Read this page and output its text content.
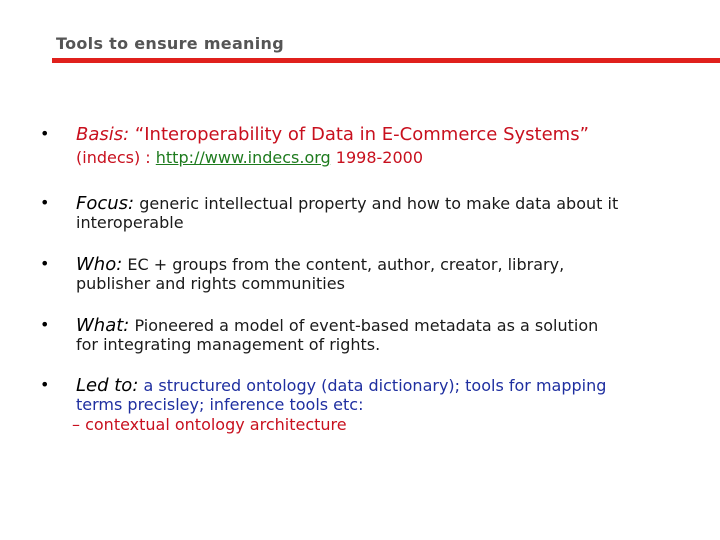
Tools to ensure meaning
• Basis: “Interoperability of Data in E-Commerce Systems”
(indecs) : http://www.indecs.org 1998-2000
• Focus: generic intellectual property and how to make data about it
interoperable
• Who: EC + groups from the content, author, creator, library,
publisher and rights communities
• What: Pioneered a model of event-based metadata as a solution
for integrating management of rights.
• Led to: a structured ontology (data dictionary); tools for mapping
terms precisley; inference tools etc:
– contextual ontology architecture
